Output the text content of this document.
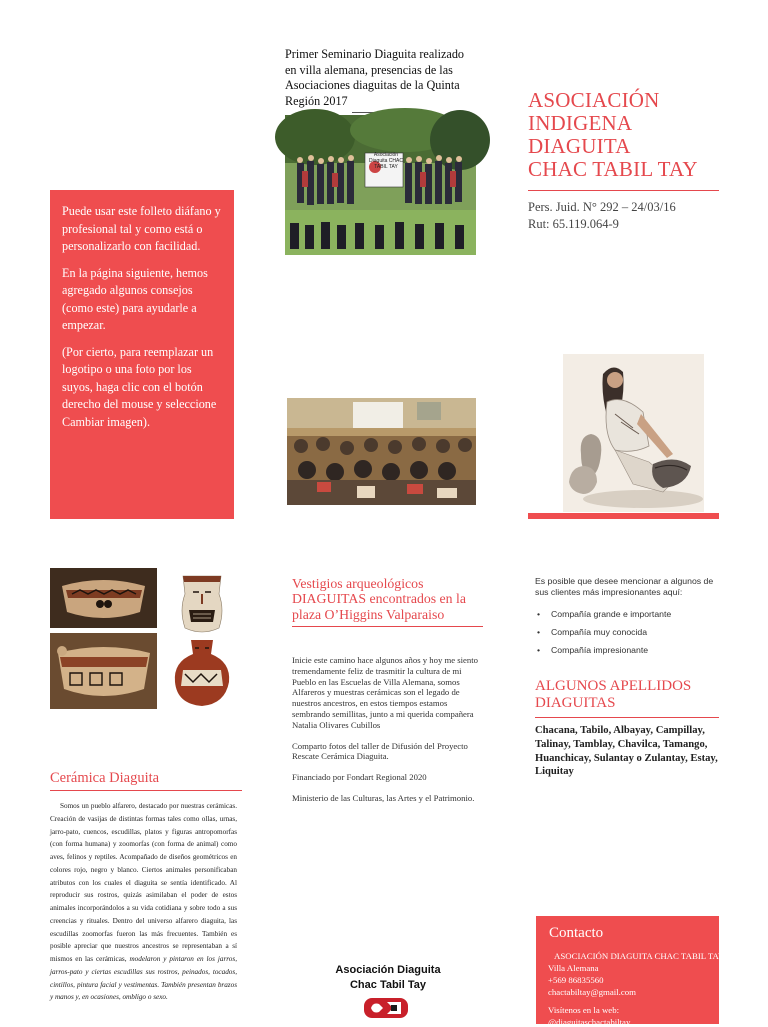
Puede usar este folleto diáfano y profesional tal y como está o personalizarlo con facilidad.

En la página siguiente, hemos agregado algunos consejos (como este) para ayudarle a empezar.

(Por cierto, para reemplazar un logotipo o una foto por los suyos, haga clic con el botón derecho del mouse y seleccione Cambiar imagen).

Primer Seminario Diaguita realizado en villa alemana, presencias de las Asociaciones diaguitas de la Quinta Región 2017
Asociación Diaguita CHAC TABIL TAY
ASOCIACIÓN
INDIGENA
DIAGUITA
CHAC TABIL TAY
Pers. Juid. N° 292 – 24/03/16
Rut: 65.119.064-9
Cerámica Diaguita
Somos un pueblo alfarero, destacado por nuestras cerámicas. Creación de vasijas de distintas formas tales como ollas, urnas, jarro-pato, cuencos, escudillas, platos y figuras antropomorfas (con forma humana) y zoomorfas (con forma de animal) como aves, felinos y reptiles. Acompañado de diseños geométricos en colores rojo, negro y blanco. Ciertos animales personificaban atributos con los cuales el diaguita se sentía identificado. Al reproducir sus rostros, quizás asimilaban el poder de estos animales incorporándolos a su vida cotidiana y sobre todo a sus creencias y rituales. Dentro del universo alfarero diaguita, las escudillas zoomorfas fueron las más frecuentes. También es posible apreciar que nuestros ancestros se representaban a sí mismos en las cerámicas, modelaron y pintaron en los jarros, jarros-pato y ciertas escudillas sus rostros, peinados, tocados, cintillos, pintura facial y vestimentas. También presentan brazos y manos y, en ocasiones, ombligo o sexo.
Vestigios arqueológicos DIAGUITAS encontrados en la plaza O’Higgins Valparaiso

Inicie este camino hace algunos años y hoy me siento tremendamente feliz de trasmitir la cultura de mi Pueblo en las Escuelas de Villa Alemana, somos Alfareros y muestras cerámicas son el legado de nuestros ancestros, en estos tiempos estamos sembrando semillitas, junto a mi querida compañera Natalia Olivares Cubillos

Comparto fotos del taller de Difusión del Proyecto Rescate Cerámica Diaguita.

Financiado por Fondart Regional 2020

Ministerio de las Culturas, las Artes y el Patrimonio.

Asociación Diaguita
Chac Tabil Tay
Es posible que desee mencionar a algunos de sus clientes más impresionantes aquí:
• Compañía grande e importante
• Compañía muy conocida
• Compañía impresionante
ALGUNOS APELLIDOS DIAGUITAS
Chacana, Tabilo, Albayay, Campillay, Talinay, Tamblay, Chavilca, Tamango, Huanchicay, Sulantay o Zulantay, Estay, Liquitay
Contacto
ASOCIACIÓN DIAGUITA CHAC TABIL TAY
Villa Alemana
+569 86835560
chactabiltay@gmail.com
Visítenos en la web:
@diaguitaschactabiltay
